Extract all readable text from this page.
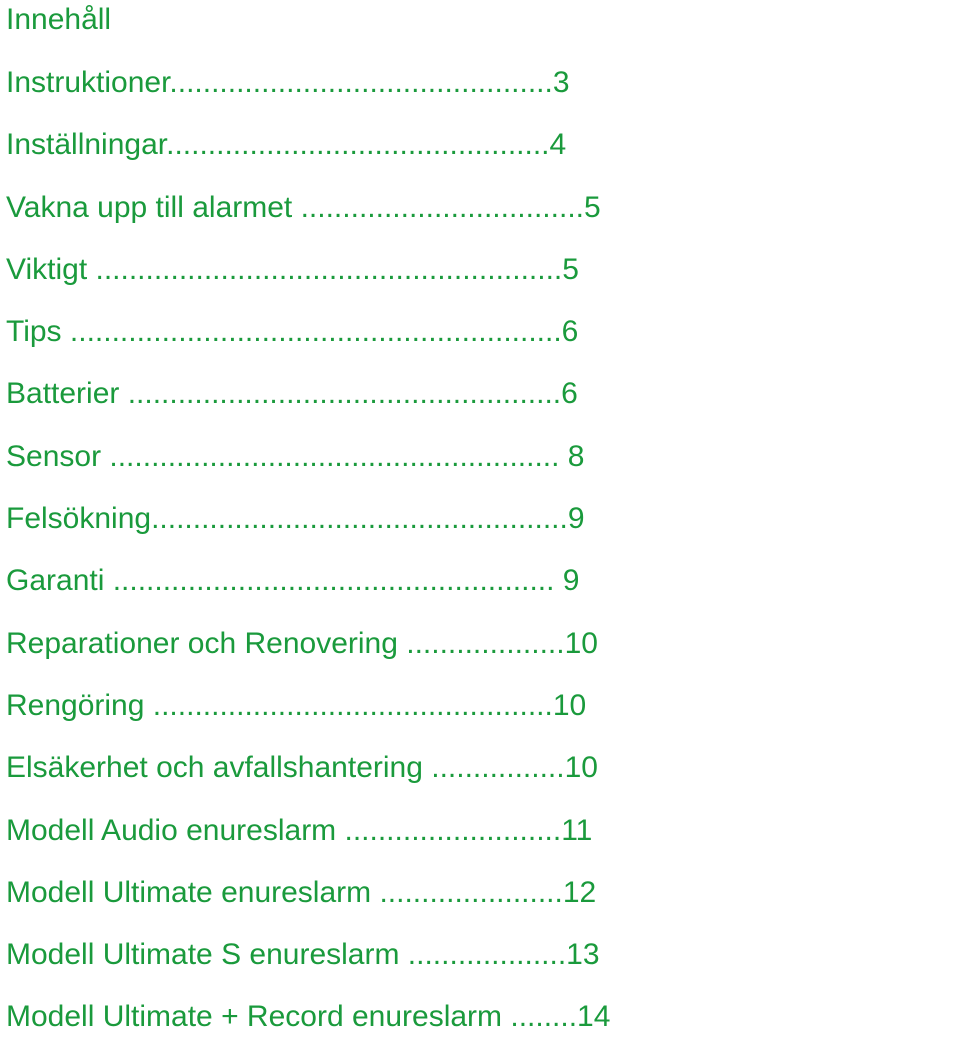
Innehåll
Instruktioner..............................................3
Inställningar..............................................4
Vakna upp till alarmet ..................................5
Viktigt ........................................................5
Tips ...........................................................6
Batterier ....................................................6
Sensor ...................................................... 8
Felsökning..................................................9
Garanti ..................................................... 9
Reparationer och Renovering ...................10
Rengöring ................................................10
Elsäkerhet och avfallshantering ................10
Modell Audio enureslarm ..........................11
Modell Ultimate enureslarm ......................12
Modell Ultimate S enureslarm ...................13
Modell Ultimate + Record enureslarm ........14
